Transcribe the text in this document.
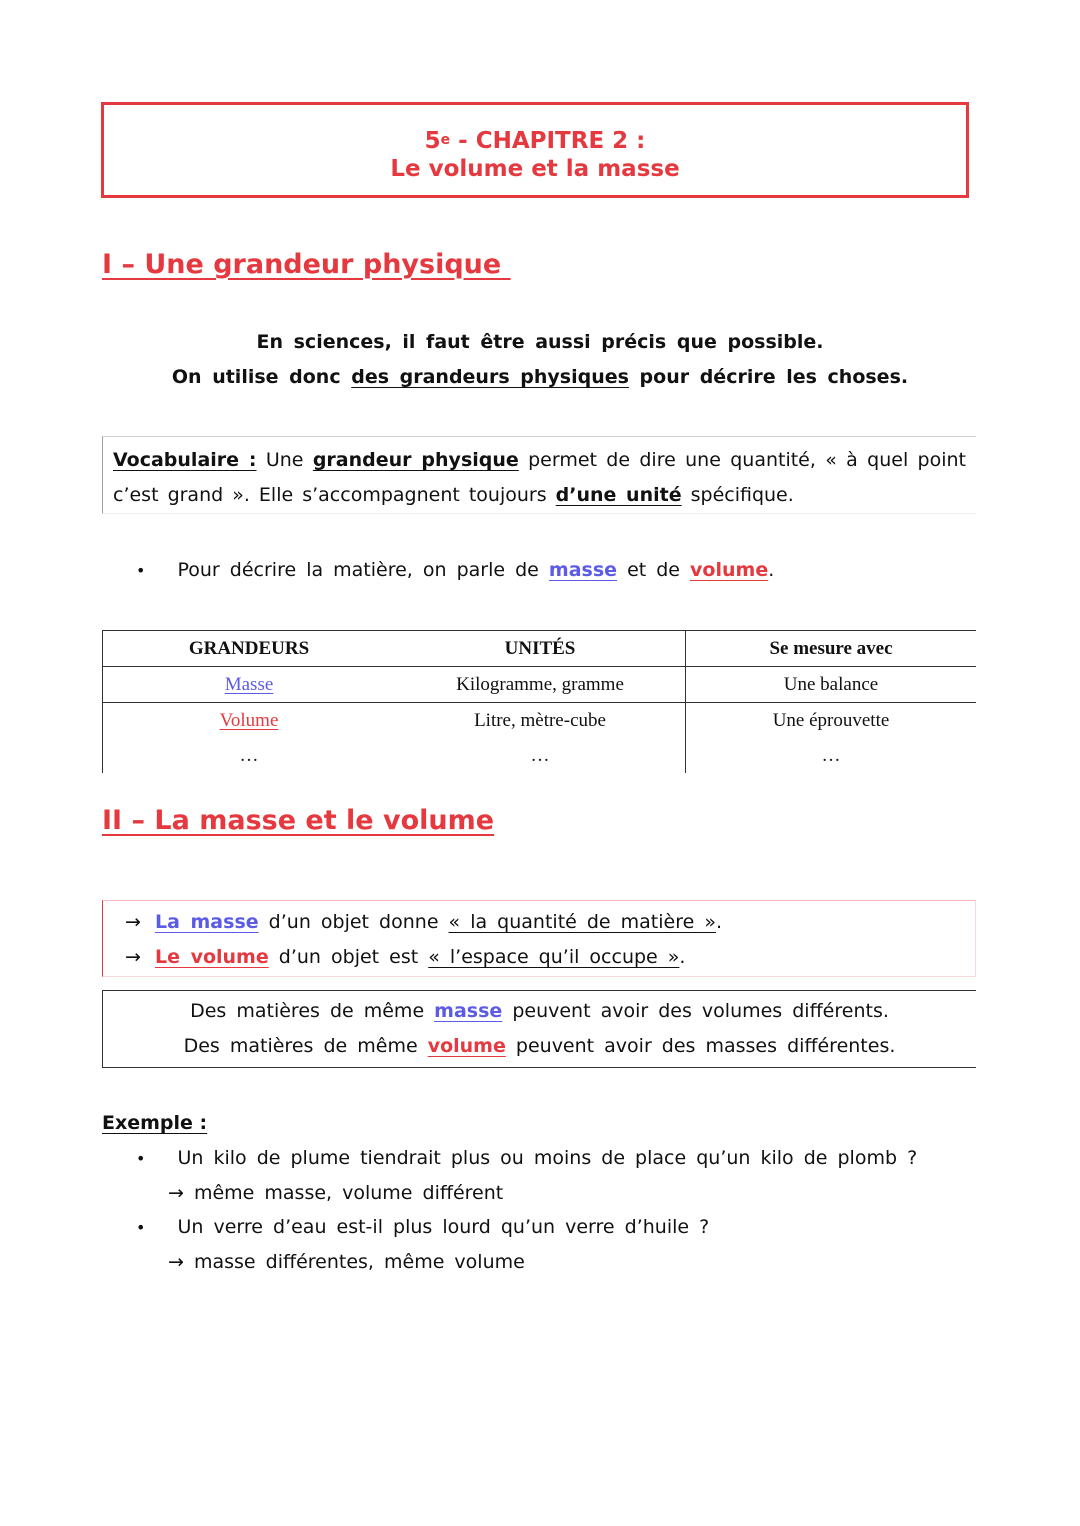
5e - CHAPITRE 2 :
Le volume et la masse
I – Une grandeur physique
En sciences, il faut être aussi précis que possible.
On utilise donc des grandeurs physiques pour décrire les choses.
Vocabulaire : Une grandeur physique permet de dire une quantité, « à quel point c’est grand ». Elle s’accompagnent toujours d’une unité spécifique.
• Pour décrire la matière, on parle de masse et de volume.
GRANDEURS	UNITÉS	Se mesure avec
Masse	Kilogramme, gramme	Une balance
Volume	Litre, mètre-cube	Une éprouvette
…	…	…
II – La masse et le volume
→ La masse d’un objet donne « la quantité de matière ».
→ Le volume d’un objet est « l’espace qu’il occupe ».
Des matières de même masse peuvent avoir des volumes différents.
Des matières de même volume peuvent avoir des masses différentes.
Exemple :
• Un kilo de plume tiendrait plus ou moins de place qu’un kilo de plomb ?
→ même masse, volume différent
• Un verre d’eau est-il plus lourd qu’un verre d’huile ?
→ masse différentes, même volume
